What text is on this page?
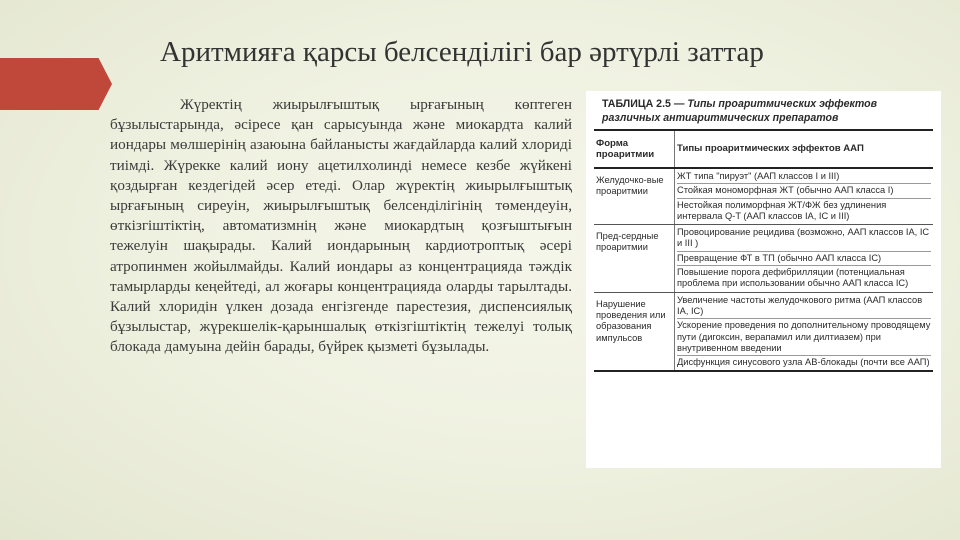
Аритмияға қарсы белсенділігі бар әртүрлі заттар
Жүректің жиырылғыштық ырғағының көптеген бұзылыстарында, әсіресе қан сарысуында және миокардта калий иондары мөлшерінің азаюына байланысты жағдайларда калий хлориді тиімді. Жүрекке калий иону ацетилхолинді немесе кезбе жүйкені қоздырған кездегідей әсер етеді. Олар жүректің жиырылғыштық ырғағының сиреуін, жиырылғыштық белсенділігінің төмендеуін, өткізгіштіктің, автоматизмнің және миокардтың қозғыштығын тежелуін шақырады. Калий иондарының кардиотроптық әсері атропинмен жойылмайды. Калий иондары аз концентрацияда тәждік тамырларды кеңейтеді, ал жоғары концентрацияда оларды тарылтады. Калий хлоридін үлкен дозада енгізгенде парестезия, диспенсиялық бұзылыстар, жүрекшелік-қарыншалық өткізгіштіктің тежелуі толық блокада дамуына дейін барады, бүйрек қызметі бұзылады.
ТАБЛИЦА 2.5 — Типы проаритмических эффектов различных антиаритмических препаратов
Форма проаритмии	Типы проаритмических эффектов ААП
Желудочко-вые проаритмии	ЖТ типа "пируэт" (ААП классов I и III)
Стойкая мономорфная ЖТ (обычно ААП класса I)
Нестойкая полиморфная ЖТ/ФЖ без удлинения интервала Q-T (ААП классов IA, IC и III)

Пред-сердные проаритмии	Провоцирование рецидива (возможно, ААП классов IA, IC и III )
Превращение ФТ в ТП (обычно ААП класса IC)
Повышение порога дефибрилляции (потенциальная проблема при использовании обычно ААП класса IC)

Нарушение проведения или образования импульсов	Увеличение частоты желудочкового ритма (ААП классов IA, IC)
Ускорение проведения по дополнительному проводящему пути (дигоксин, верапамил или дилтиазем) при внутривенном введении
Дисфункция синусового узла АВ-блокады (почти все ААП)
